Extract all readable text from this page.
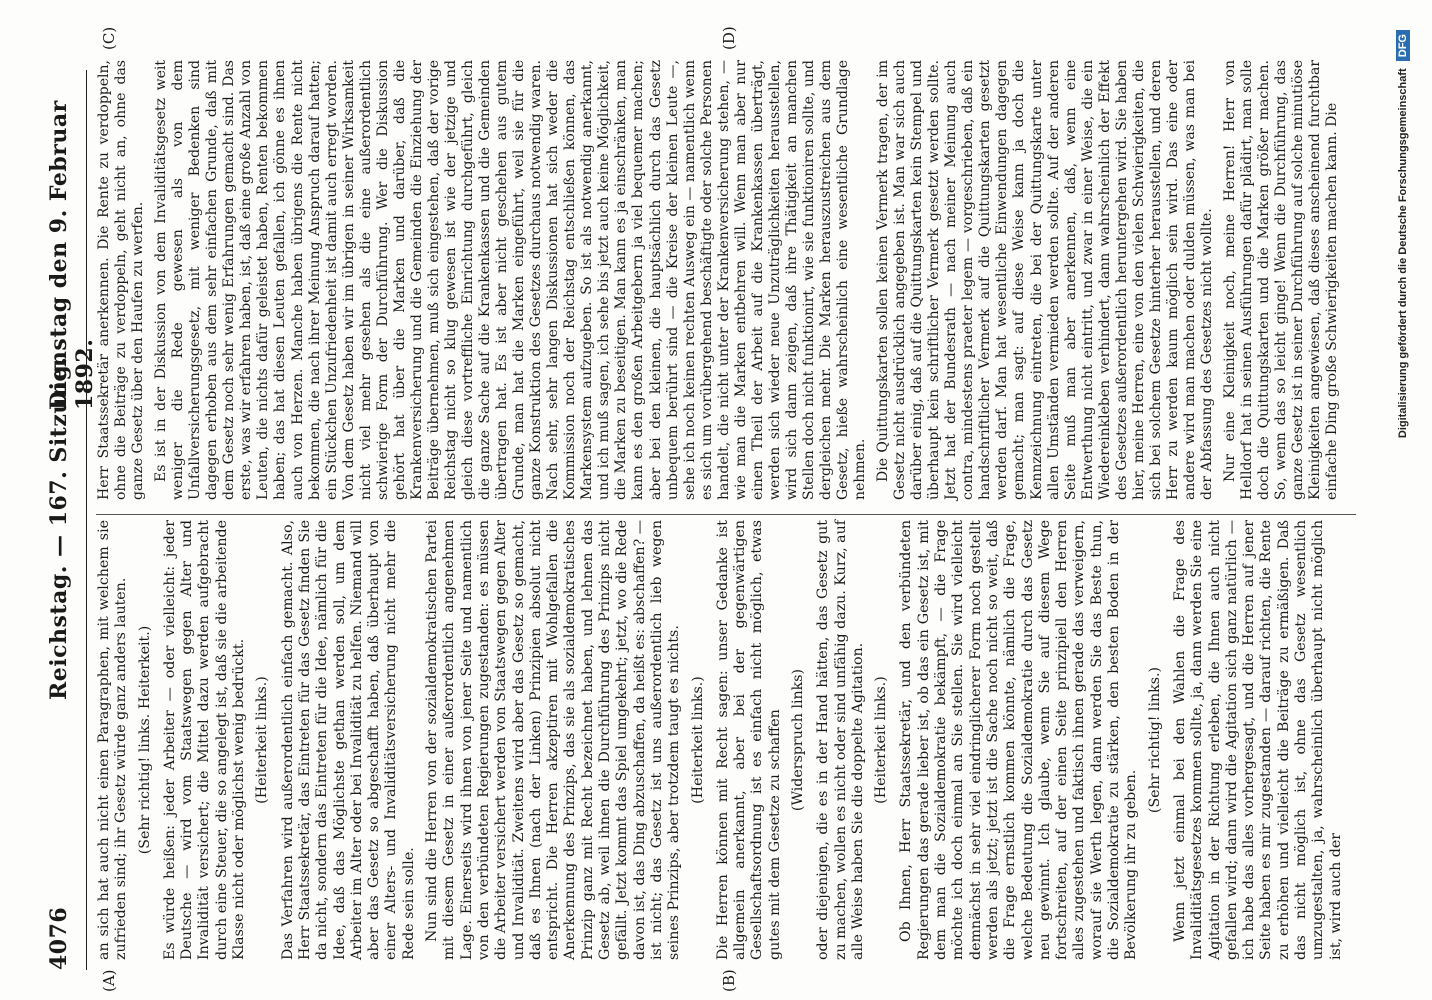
4076
Reichstag. — 167. Sitzung.
Dienstag den 9. Februar 1892.

an sich hat auch nicht einen Paragraphen, mit welchem sie zufrieden sind; ihr Gesetz würde ganz anders lauten. (Sehr richtig! links. Heiterkeit.) Es würde heißen: jeder Arbeiter — oder vielleicht: jeder Deutsche — wird vom Staatswegen gegen Alter und Invalidität versichert; die Mittel dazu werden aufgebracht durch eine Steuer, die so angelegt ist, daß sie die arbeitende Klasse nicht oder möglichst wenig bedrückt. (Heiterkeit links.) Das Verfahren wird außerordentlich einfach gemacht. Also, Herr Staatssekretär, das Eintreten für das Gesetz finden Sie da nicht, sondern das Eintreten für die Idee, nämlich für die Idee, daß das Möglichste gethan werden soll, um dem Arbeiter im Alter oder bei Invalidität zu helfen. Niemand will aber das Gesetz so abgeschafft haben, daß überhaupt von einer Alters- und Invaliditätsversicherung nicht mehr die Rede sein solle. Nun sind die Herren von der sozialdemokratischen Partei mit diesem Gesetz in einer außerordentlich angenehmen Lage. Einerseits wird ihnen von jener Seite und namentlich von den verbündeten Regierungen zugestanden: es müssen die Arbeiter versichert werden von Staatswegen gegen Alter und Invalidität. Zweitens wird aber das Gesetz so gemacht, daß es Ihnen (nach der Linken) Prinzipien absolut nicht entspricht. Die Herren akzeptiren mit Wohlgefallen die Anerkennung des Prinzips, das sie als sozialdemokratisches Prinzip ganz mit Recht bezeichnet haben, und lehnen das Gesetz ab, weil ihnen die Durchführung des Prinzips nicht gefällt. Jetzt kommt das Spiel umgekehrt; jetzt, wo die Rede davon ist, das Ding abzuschaffen, da heißt es: abschaffen? — ist nicht; das Gesetz ist uns außerordentlich lieb wegen seines Prinzips, aber trotzdem taugt es nichts. (Heiterkeit links.) Die Herren können mit Recht sagen: unser Gedanke ist allgemein anerkannt, aber bei der gegenwärtigen Gesellschaftsordnung ist es einfach nicht möglich, etwas gutes mit dem Gesetze zu schaffen (Widerspruch links) oder diejenigen, die es in der Hand hätten, das Gesetz gut zu machen, wollen es nicht oder sind unfähig dazu. Kurz, auf alle Weise haben Sie die doppelte Agitation. (Heiterkeit links.) Ob Ihnen, Herr Staatssekretär, und den verbündeten Regierungen das gerade lieber ist, ob das ein Gesetz ist, mit dem man die Sozialdemokratie bekämpft, — die Frage möchte ich doch einmal an Sie stellen. Sie wird vielleicht demnächst in sehr viel eindringlicherer Form noch gestellt werden als jetzt; jetzt ist die Sache noch nicht so weit, daß die Frage ernstlich kommen könnte, nämlich die Frage, welche Bedeutung die Sozialdemokratie durch das Gesetz neu gewinnt. Ich glaube, wenn Sie auf diesem Wege fortschreiten, auf der einen Seite prinzipiell den Herren alles zugestehen und faktisch ihnen gerade das verweigern, worauf sie Werth legen, dann werden Sie das Beste thun, die Sozialdemokratie zu stärken, den besten Boden in der Bevölkerung ihr zu geben.

(Sehr richtig! links.) Wenn jetzt einmal bei den Wahlen die Frage des Invaliditätsgesetzes kommen sollte, ja, dann werden Sie eine Agitation in der Richtung erleben, die Ihnen auch nicht gefallen wird; dann wird die Agitation sich ganz natürlich — ich habe das alles vorhergesagt, und die Herren auf jener Seite haben es mir zugestanden — darauf richten, die Rente zu erhöhen und vielleicht die Beiträge zu ermäßigen. Daß das nicht möglich ist, ohne das Gesetz wesentlich umzugestalten, ja, wahrscheinlich überhaupt nicht möglich ist, wird auch der

Herr Staatssekretär anerkennen. Die Rente zu verdoppeln, ohne die Beiträge zu verdoppeln, geht nicht an, ohne das ganze Gesetz über den Haufen zu werfen. Es ist in der Diskussion von dem Invaliditätsgesetz weit weniger die Rede gewesen als von dem Unfallversicherungsgesetz, mit weniger Bedenken sind dagegen erhoben aus dem sehr einfachen Grunde, daß mit dem Gesetz noch sehr wenig Erfahrungen gemacht sind. Das erste, was wir erfahren haben, ist, daß eine große Anzahl von Leuten, die nichts dafür geleistet haben, Renten bekommen haben; das hat diesen Leuten gefallen, ich gönne es ihnen auch von Herzen. Manche haben übrigens die Rente nicht bekommen, die nach ihrer Meinung Anspruch darauf hatten; ein Stückchen Unzufriedenheit ist damit auch erregt worden. Von dem Gesetz haben wir im übrigen in seiner Wirksamkeit nicht viel mehr gesehen als die eine außerordentlich schwierige Form der Durchführung. Wer die Diskussion gehört hat über die Marken und darüber, daß die Krankenversicherung und die Gemeinden die Einziehung der Beiträge übernehmen, muß sich eingestehen, daß der vorige Reichstag nicht so klug gewesen ist wie der jetzige und gleich diese vortreffliche Einrichtung durchgeführt, gleich die ganze Sache auf die Krankenkassen und die Gemeinden übertragen hat. Es ist aber nicht geschehen aus gutem Grunde, man hat die Marken eingeführt, weil sie für die ganze Konstruktion des Gesetzes durchaus notwendig waren. Nach sehr, sehr langen Diskussionen hat sich weder die Kommission noch der Reichstag entschließen können, das Markensystem aufzugeben. So ist als notwendig anerkannt, und ich muß sagen, ich sehe bis jetzt auch keine Möglichkeit, die Marken zu beseitigen. Man kann es ja einschränken, man kann es den großen Arbeitgebern ja viel bequemer machen; aber bei den kleinen, die hauptsächlich durch das Gesetz unbequem berührt sind — die Kreise der kleinen Leute —, sehe ich noch keinen rechten Ausweg ein — namentlich wenn es sich um vorübergehend beschäftigte oder solche Personen handelt, die nicht unter der Krankenversicherung stehen, — wie man die Marken entbehren will. Wenn man aber nur einen Theil der Arbeit auf die Krankenkassen überträgt, werden sich wieder neue Unzuträglichkeiten herausstellen, wird sich dann zeigen, daß ihre Thätigkeit an manchen Stellen doch nicht funktionirt, wie sie funktioniren sollte, und dergleichen mehr. Die Marken herauszustreichen aus dem Gesetz, hieße wahrscheinlich eine wesentliche Grundlage nehmen. Die Quittungskarten sollen keinen Vermerk tragen, der im Gesetz nicht ausdrücklich angegeben ist. Man war sich auch darüber einig, daß auf die Quittungskarten kein Stempel und überhaupt kein schriftlicher Vermerk gesetzt werden sollte. Jetzt hat der Bundesrath — nach meiner Meinung auch contra, mindestens praeter legem — vorgeschrieben, daß ein handschriftlicher Vermerk auf die Quittungskarten gesetzt werden darf. Man hat wesentliche Einwendungen dagegen gemacht; man sagt: auf diese Weise kann ja doch die Kennzeichnung eintreten, die bei der Quittungskarte unter allen Umständen vermieden werden sollte. Auf der anderen Seite muß man aber anerkennen, daß, wenn eine Entwerthung nicht eintritt, und zwar in einer Weise, die ein Wiedereinkleben verhindert, dann wahrscheinlich der Effekt des Gesetzes außerordentlich heruntergehen wird. Sie haben hier, meine Herren, eine von den vielen Schwierigkeiten, die sich bei solchem Gesetze hinterher herausstellen, und deren Herr zu werden kaum möglich sein wird. Das eine oder andere wird man machen oder dulden müssen, was man bei der Abfassung des Gesetzes nicht wollte. Nur eine Kleinigkeit noch, meine Herren! Herr von Helldorf hat in seinen Ausführungen dafür plädirt, man solle doch die Quittungskarten und die Marken größer machen. So, wenn das so leicht ginge! Wenn die Durchführung, das ganze Gesetz ist in seiner Durchführung auf solche minutiöse Kleinigkeiten angewiesen, daß dieses anscheinend furchtbar einfache Ding große Schwierigkeiten machen kann. Die

(A)	(B)
(C)	(D)
Digitalisierung gefördert durch die Deutsche Forschungsgemeinschaft DFG
